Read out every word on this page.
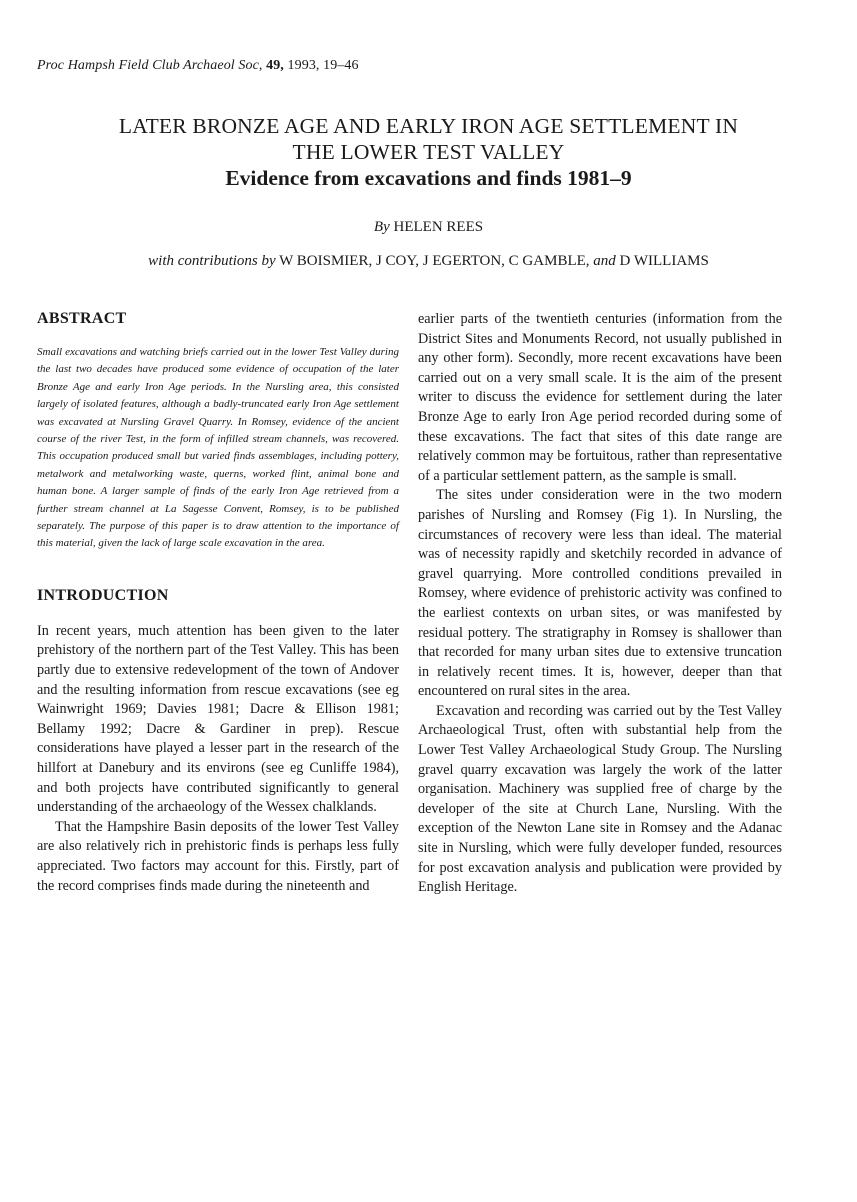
Proc Hampsh Field Club Archaeol Soc, 49, 1993, 19–46
LATER BRONZE AGE AND EARLY IRON AGE SETTLEMENT IN
THE LOWER TEST VALLEY
Evidence from excavations and finds 1981–9
By HELEN REES
with contributions by W BOISMIER, J COY, J EGERTON, C GAMBLE, and D WILLIAMS
ABSTRACT

Small excavations and watching briefs carried out in the lower Test Valley during the last two decades have produced some evidence of occupation of the later Bronze Age and early Iron Age periods. In the Nursling area, this consisted largely of isolated features, although a badly-truncated early Iron Age settlement was excavated at Nursling Gravel Quarry. In Romsey, evidence of the ancient course of the river Test, in the form of infilled stream channels, was recovered. This occupation produced small but varied finds assemblages, including pottery, metalwork and metalworking waste, querns, worked flint, animal bone and human bone. A larger sample of finds of the early Iron Age retrieved from a further stream channel at La Sagesse Convent, Romsey, is to be published separately. The purpose of this paper is to draw attention to the importance of this material, given the lack of large scale excavation in the area.

INTRODUCTION

In recent years, much attention has been given to the later prehistory of the northern part of the Test Valley. This has been partly due to extensive redevelopment of the town of Andover and the resulting information from rescue excavations (see eg Wainwright 1969; Davies 1981; Dacre & Ellison 1981; Bellamy 1992; Dacre & Gardiner in prep). Rescue considerations have played a lesser part in the research of the hillfort at Danebury and its environs (see eg Cunliffe 1984), and both projects have contributed significantly to general understanding of the archaeology of the Wessex chalklands.

That the Hampshire Basin deposits of the lower Test Valley are also relatively rich in prehistoric finds is perhaps less fully appreciated. Two factors may account for this. Firstly, part of the record comprises finds made during the nineteenth and

earlier parts of the twentieth centuries (information from the District Sites and Monuments Record, not usually published in any other form). Secondly, more recent excavations have been carried out on a very small scale. It is the aim of the present writer to discuss the evidence for settlement during the later Bronze Age to early Iron Age period recorded during some of these excavations. The fact that sites of this date range are relatively common may be fortuitous, rather than representative of a particular settlement pattern, as the sample is small.

The sites under consideration were in the two modern parishes of Nursling and Romsey (Fig 1). In Nursling, the circumstances of recovery were less than ideal. The material was of necessity rapidly and sketchily recorded in advance of gravel quarrying. More controlled conditions prevailed in Romsey, where evidence of prehistoric activity was confined to the earliest contexts on urban sites, or was manifested by residual pottery. The stratigraphy in Romsey is shallower than that recorded for many urban sites due to extensive truncation in relatively recent times. It is, however, deeper than that encountered on rural sites in the area.

Excavation and recording was carried out by the Test Valley Archaeological Trust, often with substantial help from the Lower Test Valley Archaeological Study Group. The Nursling gravel quarry excavation was largely the work of the latter organisation. Machinery was supplied free of charge by the developer of the site at Church Lane, Nursling. With the exception of the Newton Lane site in Romsey and the Adanac site in Nursling, which were fully developer funded, resources for post excavation analysis and publication were provided by English Heritage.
